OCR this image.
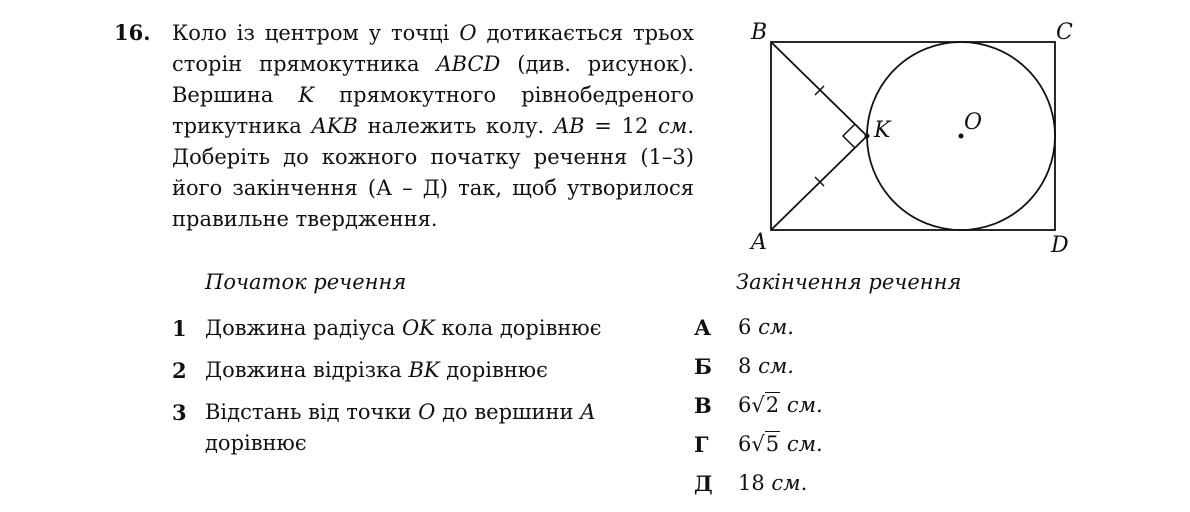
16. Коло із центром у точці O дотикається трьох
сторін прямокутника ABCD (див. рисунок).
Вершина K прямокутного рівнобедреного
трикутника AKB належить колу. AB = 12 см.
Доберіть до кожного початку речення (1–3)
його закінчення (А – Д) так, щоб утворилося
правильне твердження.
B	C
A	D
K	O
Початок речення	Закінчення речення
1 Довжина радіуса OK кола дорівнює
2 Довжина відрізка BK дорівнює
3 Відстань від точки O до вершини A дорівнює
А 6 см.
Б 8 см.
В 6√2 см.
Г 6√5 см.
Д 18 см.
